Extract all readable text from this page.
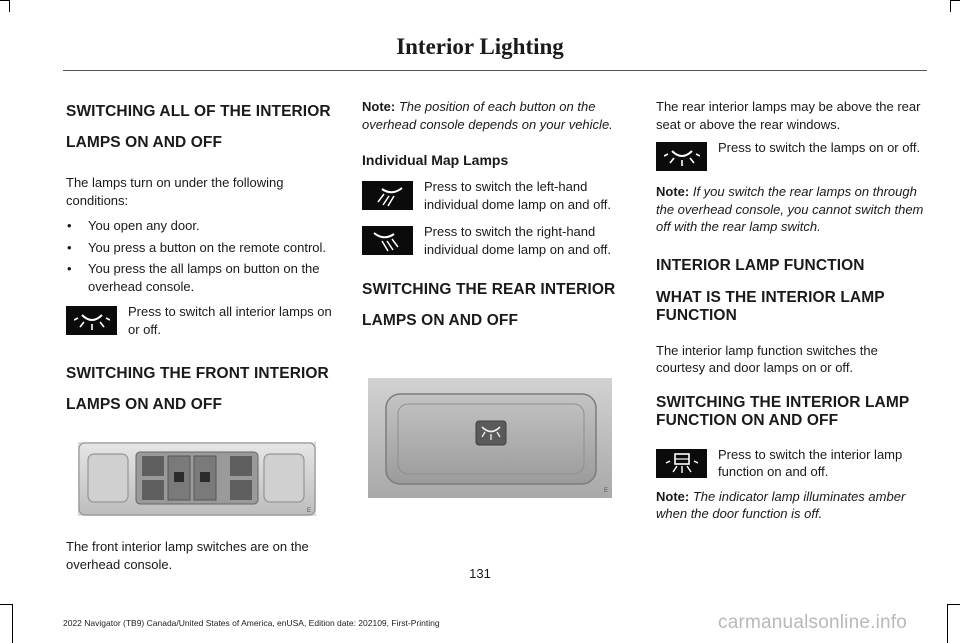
Interior Lighting
SWITCHING ALL OF THE INTERIOR
LAMPS ON AND OFF

The lamps turn on under the following conditions:

• You open any door.
• You press a button on the remote control.
• You press the all lamps on button on the overhead console.
Press to switch all interior lamps on or off.
SWITCHING THE FRONT INTERIOR
LAMPS ON AND OFF
E

The front interior lamp switches are on the overhead console.

Note: The position of each button on the overhead console depends on your vehicle.

Individual Map Lamps
Press to switch the left-hand individual dome lamp on and off.
Press to switch the right-hand individual dome lamp on and off.
SWITCHING THE REAR INTERIOR
LAMPS ON AND OFF
E

The rear interior lamps may be above the rear seat or above the rear windows.

Press to switch the lamps on or off.

Note: If you switch the rear lamps on through the overhead console, you cannot switch them off with the rear lamp switch.

INTERIOR LAMP FUNCTION
WHAT IS THE INTERIOR LAMP
FUNCTION

The interior lamp function switches the courtesy and door lamps on or off.

SWITCHING THE INTERIOR LAMP
FUNCTION ON AND OFF
Press to switch the interior lamp function on and off.

Note: The indicator lamp illuminates amber when the door function is off.

131
2022 Navigator (TB9) Canada/United States of America, enUSA, Edition date: 202109, First-Printing	carmanualsonline.info
